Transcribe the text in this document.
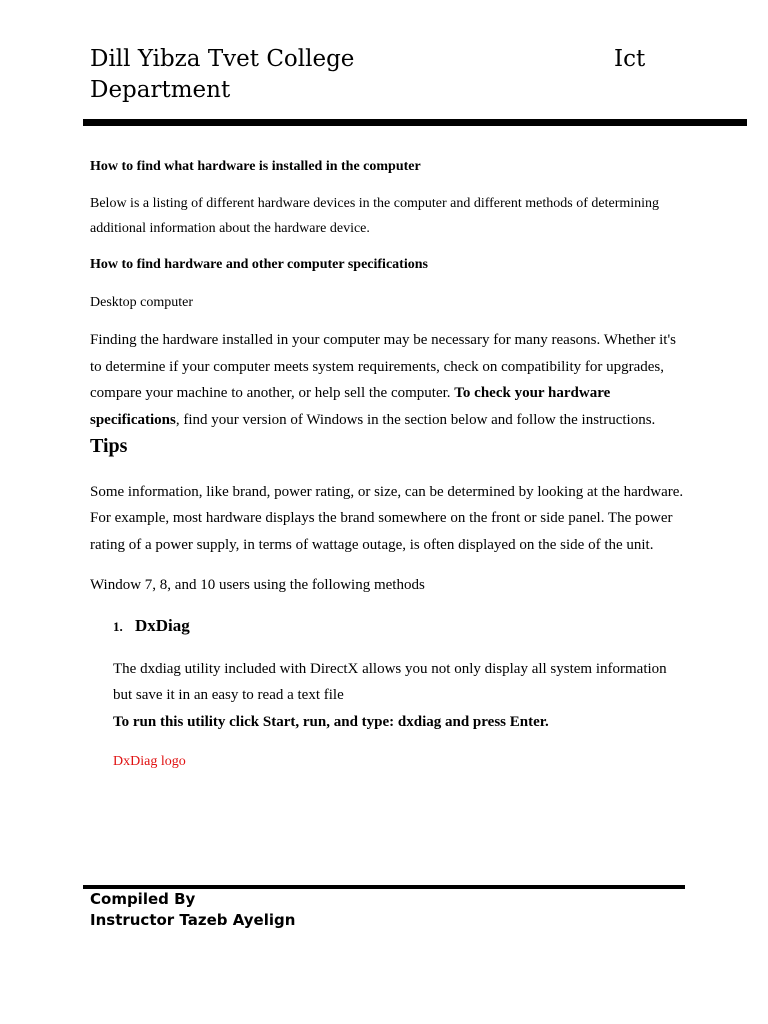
Dill Yibza Tvet College
Department
Ict

How to find what hardware is installed in the computer

Below is a listing of different hardware devices in the computer and different methods of determining additional information about the hardware device.

How to find hardware and other computer specifications

Desktop computer

Finding the hardware installed in your computer may be necessary for many reasons. Whether it's to determine if your computer meets system requirements, check on compatibility for upgrades, compare your machine to another, or help sell the computer. To check your hardware specifications, find your version of Windows in the section below and follow the instructions. Tips

Some information, like brand, power rating, or size, can be determined by looking at the hardware. For example, most hardware displays the brand somewhere on the front or side panel. The power rating of a power supply, in terms of wattage outage, is often displayed on the side of the unit.

Window 7, 8, and 10 users using the following methods

1. DxDiag

The dxdiag utility included with DirectX allows you not only display all system information but save it in an easy to read a text file

To run this utility click Start, run, and type: dxdiag and press Enter.

DxDiag logo

Compiled By
Instructor Tazeb Ayelign
